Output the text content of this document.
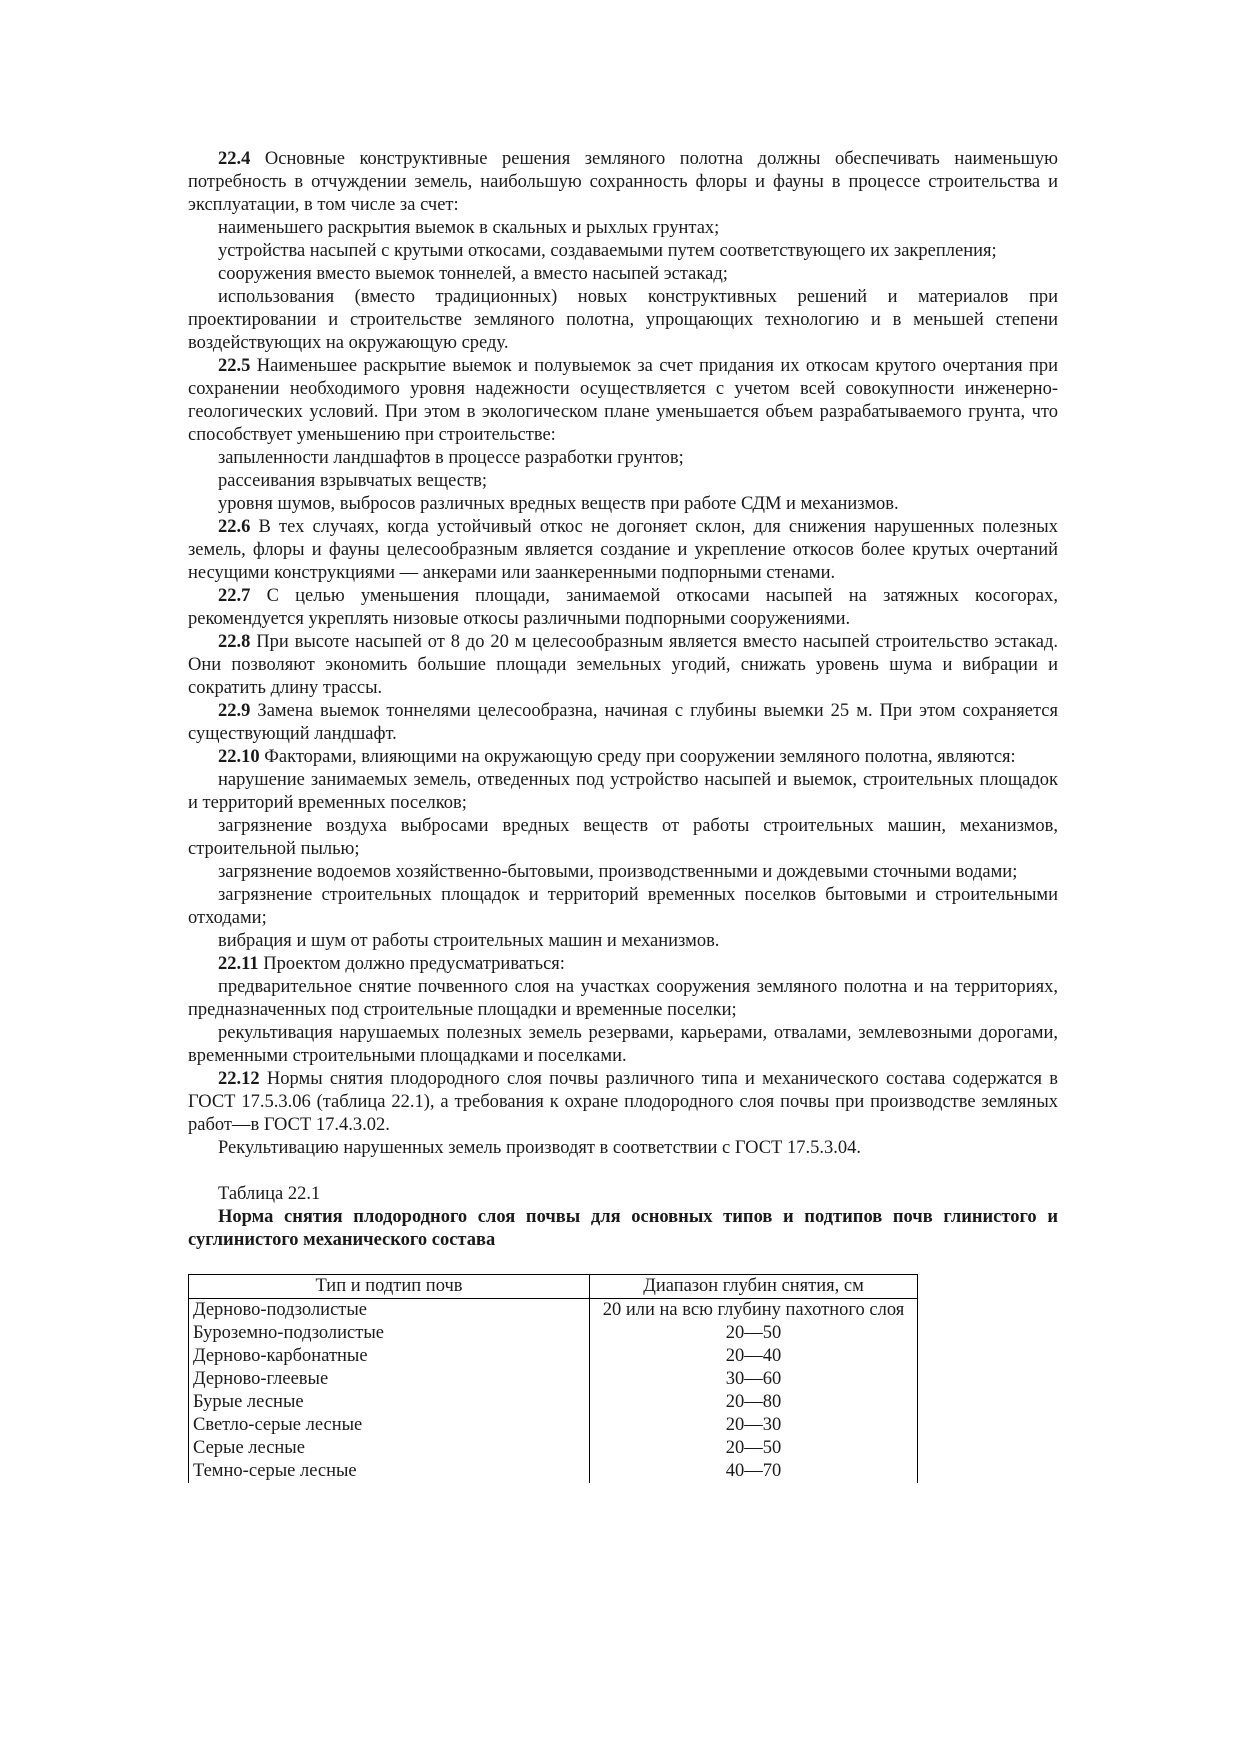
22.4 Основные конструктивные решения земляного полотна должны обеспечивать наименьшую потребность в отчуждении земель, наибольшую сохранность флоры и фауны в процессе строительства и эксплуатации, в том числе за счет:

наименьшего раскрытия выемок в скальных и рыхлых грунтах;

устройства насыпей с крутыми откосами, создаваемыми путем соответствующего их закрепления;

сооружения вместо выемок тоннелей, а вместо насыпей эстакад;

использования (вместо традиционных) новых конструктивных решений и материалов при проектировании и строительстве земляного полотна, упрощающих технологию и в меньшей степени воздействующих на окружающую среду.

22.5 Наименьшее раскрытие выемок и полувыемок за счет придания их откосам крутого очертания при сохранении необходимого уровня надежности осуществляется с учетом всей совокупности инженерно-геологических условий. При этом в экологическом плане уменьшается объем разрабатываемого грунта, что способствует уменьшению при строительстве:

запыленности ландшафтов в процессе разработки грунтов;

рассеивания взрывчатых веществ;

уровня шумов, выбросов различных вредных веществ при работе СДМ и механизмов.

22.6 В тех случаях, когда устойчивый откос не догоняет склон, для снижения нарушенных полезных земель, флоры и фауны целесообразным является создание и укрепление откосов более крутых очертаний несущими конструкциями — анкерами или заанкеренными подпорными стенами.

22.7 С целью уменьшения площади, занимаемой откосами насыпей на затяжных косогорах, рекомендуется укреплять низовые откосы различными подпорными сооружениями.

22.8 При высоте насыпей от 8 до 20 м целесообразным является вместо насыпей строительство эстакад. Они позволяют экономить большие площади земельных угодий, снижать уровень шума и вибрации и сократить длину трассы.

22.9 Замена выемок тоннелями целесообразна, начиная с глубины выемки 25 м. При этом сохраняется существующий ландшафт.

22.10 Факторами, влияющими на окружающую среду при сооружении земляного полотна, являются:

нарушение занимаемых земель, отведенных под устройство насыпей и выемок, строительных площадок и территорий временных поселков;

загрязнение воздуха выбросами вредных веществ от работы строительных машин, механизмов, строительной пылью;

загрязнение водоемов хозяйственно-бытовыми, производственными и дождевыми сточными водами;

загрязнение строительных площадок и территорий временных поселков бытовыми и строительными отходами;

вибрация и шум от работы строительных машин и механизмов.

22.11 Проектом должно предусматриваться:

предварительное снятие почвенного слоя на участках сооружения земляного полотна и на территориях, предназначенных под строительные площадки и временные поселки;

рекультивация нарушаемых полезных земель резервами, карьерами, отвалами, землевозными дорогами, временными строительными площадками и поселками.

22.12 Нормы снятия плодородного слоя почвы различного типа и механического состава содержатся в ГОСТ 17.5.3.06 (таблица 22.1), а требования к охране плодородного слоя почвы при производстве земляных работ—в ГОСТ 17.4.3.02.

Рекультивацию нарушенных земель производят в соответствии с ГОСТ 17.5.3.04.

Таблица 22.1

Норма снятия плодородного слоя почвы для основных типов и подтипов почв глинистого и суглинистого механического состава

Тип и подтип почв	Диапазон глубин снятия, см
Дерново-подзолистые	20 или на всю глубину пахотного слоя
Буроземно-подзолистые	20—50
Дерново-карбонатные	20—40
Дерново-глеевые	30—60
Бурые лесные	20—80
Светло-серые лесные	20—30
Серые лесные	20—50
Темно-серые лесные	40—70
